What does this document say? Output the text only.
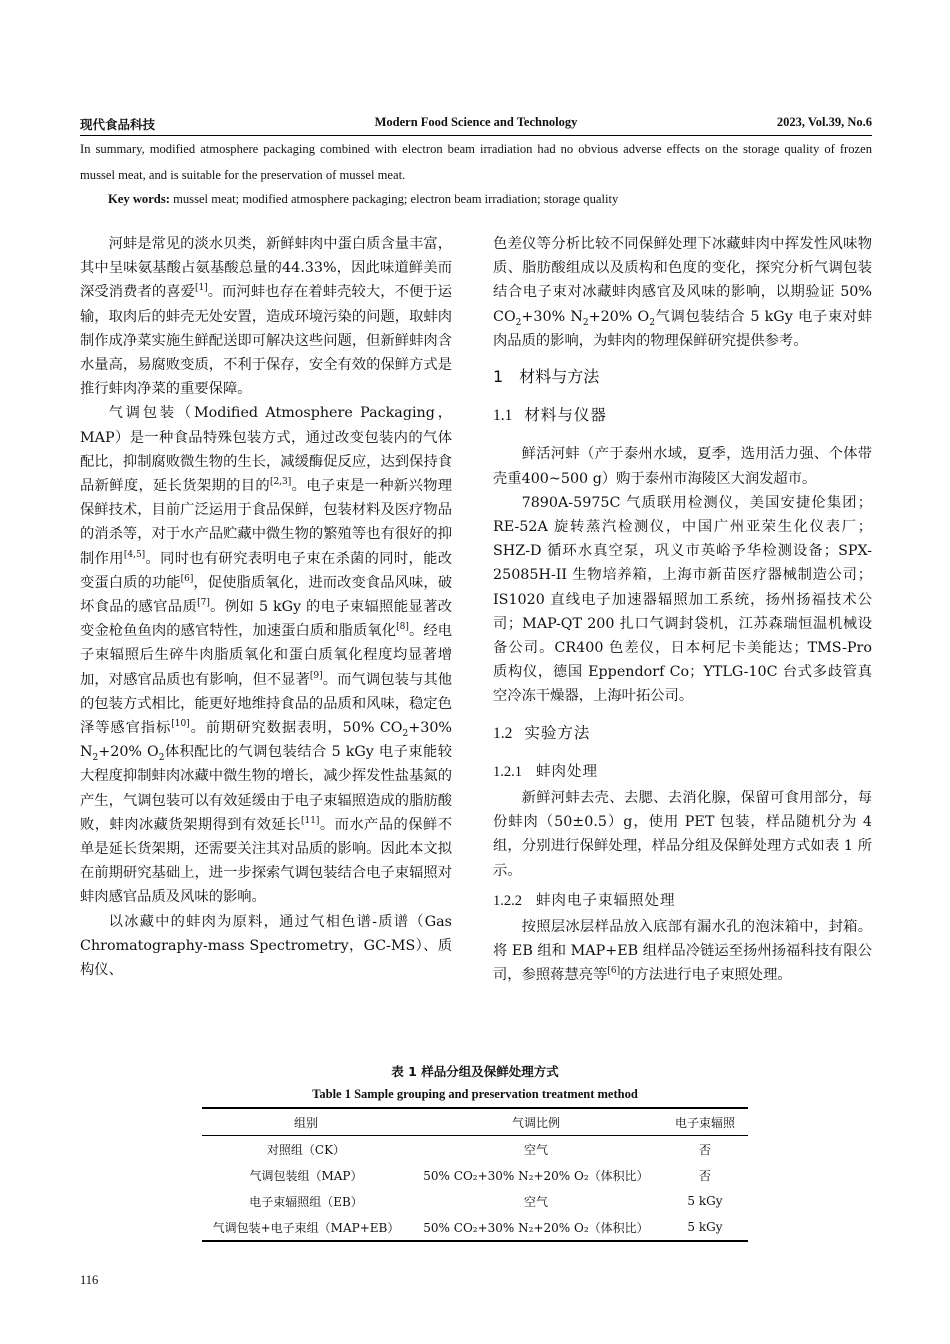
现代食品科技	Modern Food Science and Technology	2023, Vol.39, No.6
In summary, modified atmosphere packaging combined with electron beam irradiation had no obvious adverse effects on the storage quality of frozen mussel meat, and is suitable for the preservation of mussel meat.
Key words: mussel meat; modified atmosphere packaging; electron beam irradiation; storage quality

河蚌是常见的淡水贝类，新鲜蚌肉中蛋白质含量丰富，其中呈味氨基酸占氨基酸总量的44.33%，因此味道鲜美而深受消费者的喜爱[1]。而河蚌也存在着蚌壳较大，不便于运输，取肉后的蚌壳无处安置，造成环境污染的问题，取蚌肉制作成净菜实施生鲜配送即可解决这些问题，但新鲜蚌肉含水量高，易腐败变质，不利于保存，安全有效的保鲜方式是推行蚌肉净菜的重要保障。

气调包装（Modified Atmosphere Packaging，MAP）是一种食品特殊包装方式，通过改变包装内的气体配比，抑制腐败微生物的生长，减缓酶促反应，达到保持食品新鲜度，延长货架期的目的[2,3]。电子束是一种新兴物理保鲜技术，目前广泛运用于食品保鲜，包装材料及医疗物品的消杀等，对于水产品贮藏中微生物的繁殖等也有很好的抑制作用[4,5]。同时也有研究表明电子束在杀菌的同时，能改变蛋白质的功能[6]，促使脂质氧化，进而改变食品风味，破坏食品的感官品质[7]。例如 5 kGy 的电子束辐照能显著改变金枪鱼鱼肉的感官特性，加速蛋白质和脂质氧化[8]。经电子束辐照后生碎牛肉脂质氧化和蛋白质氧化程度均显著增加，对感官品质也有影响，但不显著[9]。而气调包装与其他的包装方式相比，能更好地维持食品的品质和风味，稳定色泽等感官指标[10]。前期研究数据表明，50% $CO_2+30\%$ $N_2+20\%$ $O_2$体积配比的气调包装结合 5 kGy 电子束能较大程度抑制蚌肉冰藏中微生物的增长，减少挥发性盐基氮的产生，气调包装可以有效延缓由于电子束辐照造成的脂肪酸败，蚌肉冰藏货架期得到有效延长[11]。而水产品的保鲜不单是延长货架期，还需要关注其对品质的影响。因此本文拟在前期研究基础上，进一步探索气调包装结合电子束辐照对蚌肉感官品质及风味的影响。

以冰藏中的蚌肉为原料，通过气相色谱-质谱（Gas Chromatography-mass Spectrometry，GC-MS）、质构仪、

色差仪等分析比较不同保鲜处理下冰藏蚌肉中挥发性风味物质、脂肪酸组成以及质构和色度的变化，探究分析气调包装结合电子束对冰藏蚌肉感官及风味的影响，以期验证 50% $CO_2+30\%$ $N_2+20\%$ $O_2$气调包装结合 5 kGy 电子束对蚌肉品质的影响，为蚌肉的物理保鲜研究提供参考。

1 材料与方法
1.1 材料与仪器

鲜活河蚌（产于泰州水域，夏季，选用活力强、个体带壳重400~500 g）购于泰州市海陵区大润发超市。

7890A-5975C 气质联用检测仪，美国安捷伦集团；RE-52A 旋转蒸汽检测仪，中国广州亚荣生化仪表厂；SHZ-D 循环水真空泵，巩义市英峪予华检测设备；SPX-25085H-II 生物培养箱，上海市新苗医疗器械制造公司；IS1020 直线电子加速器辐照加工系统，扬州扬福技术公司；MAP-QT 200 扎口气调封袋机，江苏森瑞恒温机械设备公司。CR400 色差仪，日本柯尼卡美能达；TMS-Pro 质构仪，德国 Eppendorf Co；YTLG-10C 台式多歧管真空冷冻干燥器，上海叶拓公司。

1.2 实验方法
1.2.1 蚌肉处理

新鲜河蚌去壳、去腮、去消化腺，保留可食用部分，每份蚌肉（50±0.5）g，使用 PET 包装，样品随机分为 4 组，分别进行保鲜处理，样品分组及保鲜处理方式如表 1 所示。

1.2.2 蚌肉电子束辐照处理

按照层冰层样品放入底部有漏水孔的泡沫箱中，封箱。将 EB 组和 MAP+EB 组样品冷链运至扬州扬福科技有限公司，参照蒋慧亮等[6]的方法进行电子束照处理。

表 1 样品分组及保鲜处理方式
Table 1 Sample grouping and preservation treatment method
组别	气调比例	电子束辐照
对照组（CK）	空气	否
气调包装组（MAP）	50% CO₂+30% N₂+20% O₂（体积比）	否
电子束辐照组（EB）	空气	5 kGy
气调包装+电子束组（MAP+EB）	50% CO₂+30% N₂+20% O₂（体积比）	5 kGy
116
